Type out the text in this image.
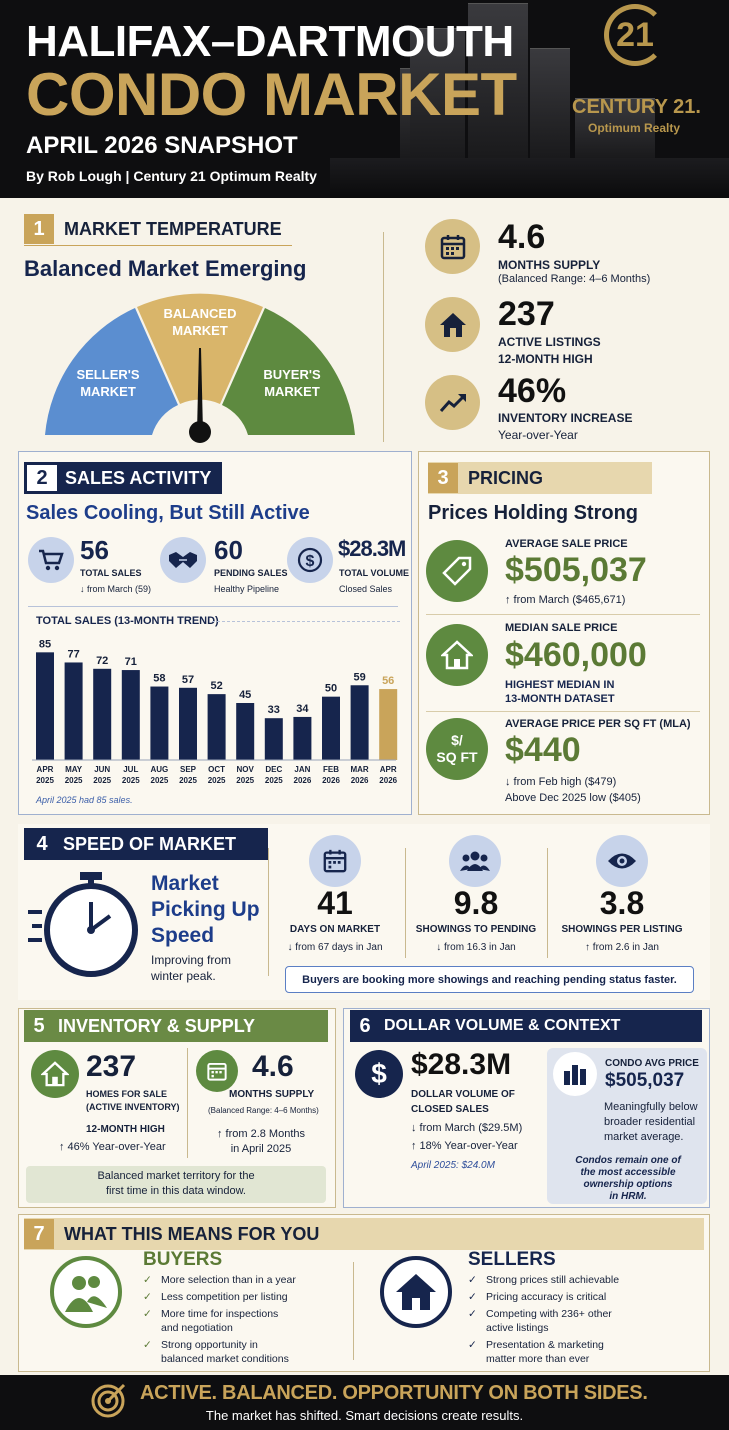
HALIFAX–DARTMOUTH
CONDO MARKET
APRIL 2026 SNAPSHOT
By Rob Lough | Century 21 Optimum Realty
21
CENTURY 21.
Optimum Realty
1	MARKET TEMPERATURE
Balanced Market Emerging
SELLER'S
MARKET
BALANCED
MARKET
BUYER'S
MARKET
4.6
MONTHS SUPPLY
(Balanced Range: 4–6 Months)
237
ACTIVE LISTINGS
12-MONTH HIGH
46%
INVENTORY INCREASE
Year-over-Year
2 SALES ACTIVITY
Sales Cooling, But Still Active
56
TOTAL SALES
↓ from March (59)
60
PENDING SALES
Healthy Pipeline
$
$28.3M
TOTAL VOLUME
Closed Sales
TOTAL SALES (13-MONTH TREND)
85
APR
2025
77
MAY
2025
72
JUN
2025
71
JUL
2025
58
AUG
2025
57
SEP
2025
52
OCT
2025
45
NOV
2025
33
DEC
2025
34
JAN
2026
50
FEB
2026
59
MAR
2026
56
APR
2026
April 2025 had 85 sales.
3	PRICING
Prices Holding Strong
AVERAGE SALE PRICE
$505,037
↑ from March ($465,671)
MEDIAN SALE PRICE
$460,000
HIGHEST MEDIAN IN
13-MONTH DATASET
$/
SQ FT
AVERAGE PRICE PER SQ FT (MLA)
$440
↓ from Feb high ($479)
Above Dec 2025 low ($405)
4 SPEED OF MARKET
Market
Picking Up
Speed
Improving from
winter peak.
41
DAYS ON MARKET
↓ from 67 days in Jan
9.8
SHOWINGS TO PENDING
↓ from 16.3 in Jan
3.8
SHOWINGS PER LISTING
↑ from 2.6 in Jan
Buyers are booking more showings and reaching pending status faster.
5 INVENTORY & SUPPLY
237
HOMES FOR SALE
(ACTIVE INVENTORY)
12-MONTH HIGH
↑ 46% Year-over-Year
4.6
MONTHS SUPPLY
(Balanced Range: 4–6 Months)
↑ from 2.8 Months
in April 2025
Balanced market territory for the
first time in this data window.
6 DOLLAR VOLUME & CONTEXT
$ $28.3M
DOLLAR VOLUME OF
CLOSED SALES
↓ from March ($29.5M)
↑ 18% Year-over-Year
April 2025: $24.0M
CONDO AVG PRICE
$505,037
Meaningfully below
broader residential
market average.
Condos remain one of
the most accessible
ownership options
in HRM.
7	WHAT THIS MEANS FOR YOU
BUYERS
✓ More selection than in a year
✓ Less competition per listing
✓ More time for inspections
and negotiation
✓ Strong opportunity in
balanced market conditions
SELLERS
✓ Strong prices still achievable
✓ Pricing accuracy is critical
✓ Competing with 236+ other
active listings
✓ Presentation & marketing
matter more than ever
ACTIVE. BALANCED. OPPORTUNITY ON BOTH SIDES.
The market has shifted. Smart decisions create results.
